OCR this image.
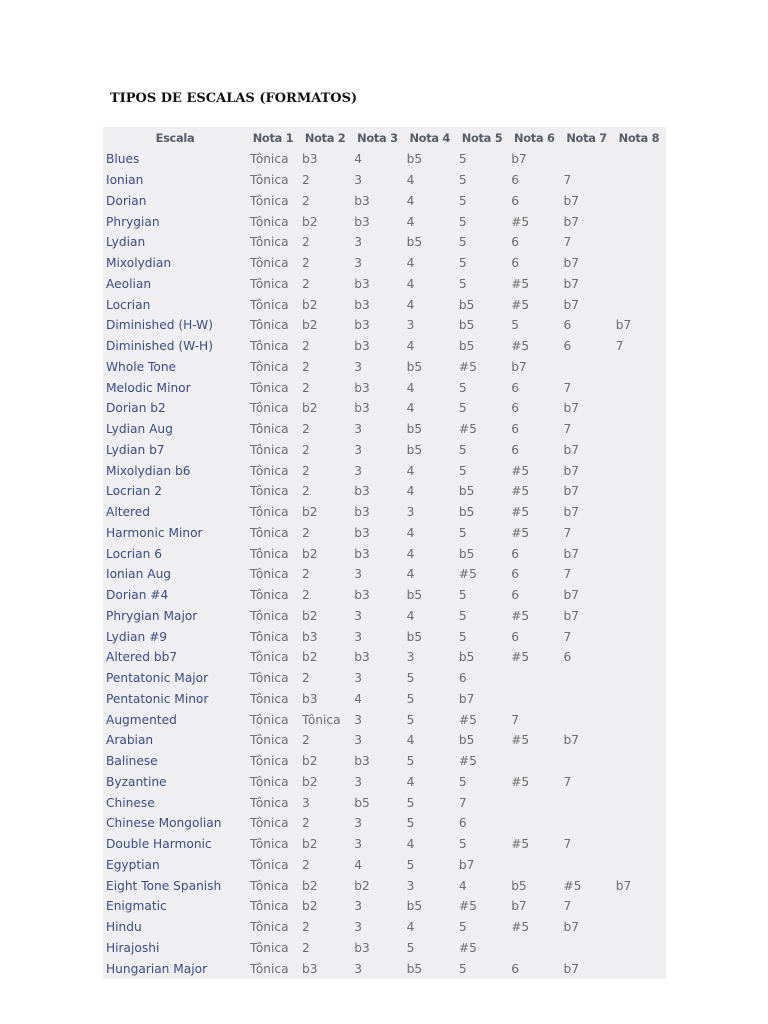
TIPOS DE ESCALAS (FORMATOS)
Escala	Nota 1	Nota 2	Nota 3	Nota 4	Nota 5	Nota 6	Nota 7	Nota 8
Blues	Tônica	b3	4	b5	5	b7
Ionian	Tônica	2	3	4	5	6	7
Dorian	Tônica	2	b3	4	5	6	b7
Phrygian	Tônica	b2	b3	4	5	#5	b7
Lydian	Tônica	2	3	b5	5	6	7
Mixolydian	Tônica	2	3	4	5	6	b7
Aeolian	Tônica	2	b3	4	5	#5	b7
Locrian	Tônica	b2	b3	4	b5	#5	b7
Diminished (H-W)	Tônica	b2	b3	3	b5	5	6	b7
Diminished (W-H)	Tônica	2	b3	4	b5	#5	6	7
Whole Tone	Tônica	2	3	b5	#5	b7
Melodic Minor	Tônica	2	b3	4	5	6	7
Dorian b2	Tônica	b2	b3	4	5	6	b7
Lydian Aug	Tônica	2	3	b5	#5	6	7
Lydian b7	Tônica	2	3	b5	5	6	b7
Mixolydian b6	Tônica	2	3	4	5	#5	b7
Locrian 2	Tônica	2	b3	4	b5	#5	b7
Altered	Tônica	b2	b3	3	b5	#5	b7
Harmonic Minor	Tônica	2	b3	4	5	#5	7
Locrian 6	Tônica	b2	b3	4	b5	6	b7
Ionian Aug	Tônica	2	3	4	#5	6	7
Dorian #4	Tônica	2	b3	b5	5	6	b7
Phrygian Major	Tônica	b2	3	4	5	#5	b7
Lydian #9	Tônica	b3	3	b5	5	6	7
Altered bb7	Tônica	b2	b3	3	b5	#5	6
Pentatonic Major	Tônica	2	3	5	6
Pentatonic Minor	Tônica	b3	4	5	b7
Augmented	Tônica	Tônica	3	5	#5	7
Arabian	Tônica	2	3	4	b5	#5	b7
Balinese	Tônica	b2	b3	5	#5
Byzantine	Tônica	b2	3	4	5	#5	7
Chinese	Tônica	3	b5	5	7
Chinese Mongolian	Tônica	2	3	5	6
Double Harmonic	Tônica	b2	3	4	5	#5	7
Egyptian	Tônica	2	4	5	b7
Eight Tone Spanish	Tônica	b2	b2	3	4	b5	#5	b7
Enigmatic	Tônica	b2	3	b5	#5	b7	7
Hindu	Tônica	2	3	4	5	#5	b7
Hirajoshi	Tônica	2	b3	5	#5
Hungarian Major	Tônica	b3	3	b5	5	6	b7
